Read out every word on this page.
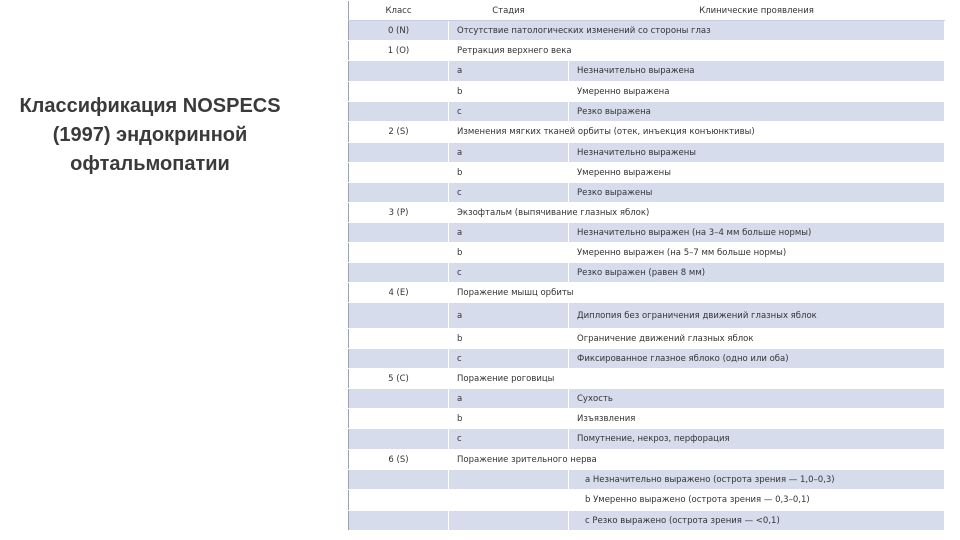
Классификация NOSPECS
(1997) эндокринной
офтальмопатии
Класс	Стадия	Клинические проявления
0 (N)	Отсутствие патологических изменений со стороны глаз	
1 (O)	Ретракция верхнего века	
	a	Незначительно выражена
	b	Умеренно выражена
	c	Резко выражена
2 (S)	Изменения мягких тканей орбиты (отек, инъекция конъюнктивы)	
	a	Незначительно выражены
	b	Умеренно выражены
	c	Резко выражены
3 (P)	Экзофтальм (выпячивание глазных яблок)	
	a	Незначительно выражен (на 3–4 мм больше нормы)
	b	Умеренно выражен (на 5–7 мм больше нормы)
	c	Резко выражен (равен 8 мм)
4 (E)	Поражение мышц орбиты	
	a	Диплопия без ограничения движений глазных яблок
	b	Ограничение движений глазных яблок
	c	Фиксированное глазное яблоко (одно или оба)
5 (C)	Поражение роговицы	
	a	Сухость
	b	Изъязвления
	c	Помутнение, некроз, перфорация
6 (S)	Поражение зрительного нерва	
		a Незначительно выражено (острота зрения — 1,0–0,3)
		b Умеренно выражено (острота зрения — 0,3–0,1)
		c Резко выражено (острота зрения — <0,1)
